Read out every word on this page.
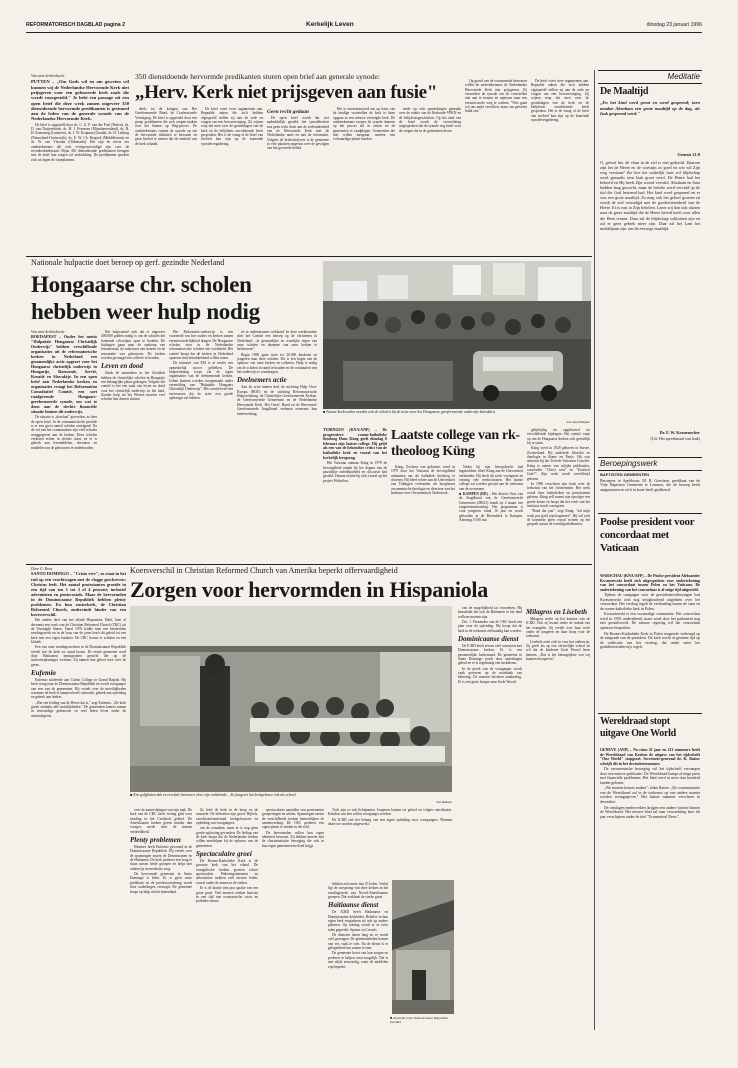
REFORMATORISCH DAGBLAD pagina 2	Kerkelijk Leven	dinsdag 23 januari 1996
Van onze kerkredactie

PUTTEN – „Om Gods wil en om geweten wil kunnen wij de Nederlandse Hervormde Kerk niet prijsgeven voor een gefuseerde kerk zoals die wordt voorgesteld." Je hebt een passage uit een open brief die deze week zamen ongeveer 350 dienstdoende hervormde predikanten is gestuurd aan de leden van de generale synode van de Nederlandse Hervormde Kerk.

De brief is opgesteld door ds. C. A. P. van der Poel (Putten), ds. D. van Duijvenbode, ds. H. J. Franssen (Mijnsheerenland), ds. B. H. Kamsteeg (Lunteren), ds. J. W. Kriptaan (Gouda), ds. H. Lietling (Nieuwland-Oosterwijk), ds. E. W. Ch. Ruigrok (Middelharnis) en ds. W. van Vlastuin (Oldemarkt). Het zijn de eerste zes ondertekenaars die zich vertegenwoordigd zijn voor de zevenkerkenberaad. Bijna 350 dienstdoende predikanten brengen met de brief hun zorgen tot uitdrukking. De predikanten spreken zich uit tegen de fusieplannen.

350 dienstdoende hervormde predikanten sturen open brief aan generale synode:
„Herv. Kerk niet prijsgeven aan fusie"

deels tot de kringen van Het Gereformeerde Bond, de Confessionele Vereniging. De brief is opgesteld door een groep predikanten die zich zorgen maken over het Samen op Weg-proces. De ondertekenaars roepen de synode op om de hervormde identiteit te bewaren en geen besluit te nemen dat de eenheid van de kerk schaadt.

De brief voert twee argumenten aan. Bepaalde zaken die zich hebben afgespeeld stellen zij aan de orde en vragen om een heroverweging. Zij wijzen erop dat men over de grondslagen van de kerk en de belijdenis onvoldoende heeft gesproken. Het is de vraag of de brief van invloed kan zijn op de komende synodevergadering.

Geen recht gedaan

De open brief wordt dat wel nadrukkelijk gesteld: het synodebesluit zou geen recht doen aan de verbondenheid van de Hervormde Kerk met de Nederlandse natie en met de reformatie. Volgens de briefschrijvers is de gemeente in vele plaatsen ongerust over de gevolgen van het gevoerde beleid.

Het is onverantwoord om op basis van de huidige voorstellen de kerk te laten opgaan in een nieuwe verenigde kerk. De ondertekenaars roepen de synode daarom op het proces stil te zetten en de gemeenten te raadplegen. Gemeenten die niet willen meegaan, moeten een volwaardige plaats houden.

mede op vele opmerkingen gemaakt over de relatie van de Kerkorde-VPKN en de belijdenisgeschriften. Op het eind van de brief wordt de verwachting uitgesproken dat de synode oog heeft voor de zorgen die in de gemeenten leven.

Op grond van de voornoemde bezwaren willen de ondertekenaars de Nederlandse Hervormde Kerk niet prijsgeven. Zij verzoeken de synode om de voorstellen niet aan te nemen en opnieuw naar een verantwoorde weg te zoeken. "Niet gaan wij ons ambt vervullen, maar ons geweten bindt ons."

De brief voert twee argumenten aan. Bepaalde zaken die zich hebben afgespeeld stellen zij aan de orde en vragen om een heroverweging. Zij wijzen erop dat men over de grondslagen van de kerk en de belijdenis onvoldoende heeft gesproken. Het is de vraag of de brief van invloed kan zijn op de komende synodevergadering.

Nationale hulpactie doet beroep op gerf. gezindte Nederland
Hongaarse chr. scholen hebben weer hulp nodig
Van onze kerkredactie

BOEDAPEST – Onder het motto "Hulpaktie Hongaarse Christelijk Onderwijs" hebben verschillende organisaties uit de reformatorische kerken in Nederland een gezamenlijke actie opgezet voor het Hongaarse christelijk onderwijs in Hongarije, Roemenië, Servië, Kroatië en Slowakije. In een open brief aan Nederlandse kerken en organisaties vraagt het Reformation Consultatief Comité, een sort raadgevende Hongaars-gereformeerde synode, om wat te doen aan de slechte financiële situatie binnen dit onderwijs.

De situatie is „desolaat" geworden, zo heet de open brief. In de communistische periode is er een groot aantal scholen onteigend. Na de val van het communisme zijn veel scholen teruggegeven aan de kerken. Deze scholen verkeren echter in slechte staat, en er is gebrek aan leermiddelen, docenten en middelen om de gebouwen te onderhouden.

Het hulpcomité stelt dat er ongeveer 400.000 gulden nodig is om de scholen het komende schooljaar open te houden. De bijdragen gaan naar de aankoop van lesmateriaal, de salarissen van leraren en de restauratie van gebouwen. De kerken worden gevraagd een collecte te houden.

Leven en dood

Sinds de ommekeer in het Oostblok hebben de christelijke scholen in Hongarije een belangrijke plaats gekregen. Volgens het comité is het een zaak van leven en dood voor het christelijk onderwijs in het land. Zonder hulp uit het Westen moeten veel scholen hun deuren sluiten.

Het Reformatie-onderwijs is een voorbeeld van hoe ouders en kerken samen verantwoordelijkheid dragen. De Hongaarse scholen zien in de Nederlandse reformatorische scholen een voorbeeld. Het comité hoopt dat de kerken in Nederland opnieuw hun betrokkenheid willen tonen.

De initiatief van EEI is al eerder een opmerkelijk succes gebleken. De hulpverlening loopt via de eigen organisaties van de deelnemende kerken. Giften kunnen worden overgemaakt onder vermelding van "Hulpaktie Hongaars Christelijk Onderwijs". Het comité heeft het vertrouwen dat de actie een goede opbrengst zal hebben.

tie te ondersteunen verklaard. In deze werkkomitee doet het Comité een beroep op de christenen in Nederland: „le gezamelijke en waarlijke regen van onze scholen en daarmee van onze kerken te herbouwen".

Begin 1996 gaan twee tot 20.000 kinderen en jongeren naar deze scholen. Dit is een begin van de opbouw van onze kerken en volkeren. Hulp is nodig om de scholen in stand te houden en de continuïteit van het onderwijs te waarborgen.

Deelnemers actie

Aan de actie nemen deel de stichting Hulp Oost-Europa (HOE) en de stichting Reformatorische Hulpverlening, de Christelijke Gereformeerde Kerken, de Gereformeerde Gemeenten en de Nederlandse Hervormde Kerk. Het Geref. Bond en de Hervormd-Gereformeerde Jeugdbond verlenen eveneens hun medewerking.	■ Nauwe kerkvoeden worden ook de scholen bij de actie voor het Hongaarse gereformeerde onderwijs betrokken.
foto Jacob Pleijsier

TÜBINGEN (KNA/ANP) – De progressieve rooms-katholieke theoloog Hans Küng geeft dinsdag 6 februari zijn laatste college. Hij geldt als een van de bekendste critici van de katholieke kerk en vooral van het kerkelijk leergezag.

Het Vaticaan ontnam Küng in 1979 de bevoegdheid omdat hij het dogma van de pauselijke onfeilbaarheid ter discussie had gesteld. Daarna richtte hij zich vooral op het project Weltethos.

Laatste college van rk-theoloog Küng

Küng, Zwitsers van geboorte, werd in 1979 door het Vaticaan de bevoegdheid ontnomen om als katholiek theoloog te doceren. Hij bleef echter aan de Universiteit van Tübingen verbonden als hoogleraar oecumenische theologie en directeur van het Instituut voor Oecumenisch Onderzoek.

Nadat hij zijn leeropdracht had ingetrokken, bleef Küng aan de Universiteit verbonden. Hij heeft dit werk voortgezet en ontving vele eredoctoraten. Het laatste college zal worden gewijd aan de toekomst van de oecumene.

■ KAMPEN (RD) – Het district Oost van de Jeugdbond van de Gereformeerde Gemeenten (JBGG) houdt op 2 maart een jongerenontmoeting. Het programma is voor jongeren vanaf 16 jaar en wordt gehouden in de Bovenkerk te Kampen. Aanvang 10.00 uur.

gelijktijdig en opgebouwd uit verschillende bijdragen. Het comité roept op om de Hongaarse kerken ook geestelijk bij te staan.

Küng werd in 1928 geboren in Sursee, Zwitserland. Hij studeerde filosofie en theologie in Rome en Parijs. Hij was adviseur bij het Tweede Vaticaans Concilie. Küng is auteur van talrijke publicaties, waaronder "Christ sein" en "Existiert Gott?". Zijn werk wordt wereldwijd gelezen.

In 1996 verscheen zijn boek over de toekomst van het christendom. Het werk wordt door katholieken en protestanten gelezen. Küng zelf noemt zijn opvolger een goede keuze en hoopt dat het werk van het instituut wordt voortgezet.

"Rond dat jaar", zegt Küng, "zal mijn werk pas goed zijn begonnen". Hij wil zich de komende jaren vooral richten op het gesprek tussen de wereldgodsdiensten.

Meditatie
De Maaltijd
„En het kind werd groot en werd gespeend; toen maakte Abraham een grote maaltijd op de dag, als Izak gespeend werd."
Genesis 21:8
O, geloof het, de vlam in de ziel is niet gedoofd. Daarom zijn het de Heere en de woestijn zo goed en wie wil Zijn weg verstaan? Zie hoe het ouderlijk huis vol blijdschap werd gemaakt toen Izak groot werd. De Heere had het beloofd en Hij heeft Zijn woord vervuld. Abraham en Sara hadden lang gewacht, maar de belofte werd vervuld op de tijd die God bestemd had. Het kind werd gespeend en er was een grote maaltijd. Zo mag ook het geloof groeien en wordt de ziel verzadigd met de goedertierenheid van de Heere. Er is rust in Zijn beloften. Laten wij dan ook uitzien naar de grote maaltijd die de Heere bereid heeft voor allen die Hem vrezen. Daar zal de blijdschap volkomen zijn en zal er geen gebrek meer zijn. Daar zal het Lam het middelpunt zijn van de eeuwige maaltijd.
Dr. F. W. Kranenocher
(Uit: Het spreekmaal van Izak)
Beroepingswerk
BAPTISTEN GEMEENTEN
Beroepen: te Apeldoorn, M. B. Gerritsen, predikant van de Vrije Baptisten Gemeente te Lemmer, die de beroep heeft aangenomen en zich in korte heeft geafkeerd.
Poolse president voor concordaat met Vaticaan

WARSCHAU (KNA/AFP) – De Poolse president Aleksander Kwasniewski heeft zich uitgesproken voor ondertekening van het concordaat tussen Polen en het Vaticaan. De ondertekening van het concordaat is al enige tijd uitgesteld.

Tijdens de campagne voor de presidentsverkiezingen had Kwasniewski zich nog terughoudend uitgelaten over het concordaat. Het verdrag regelt de verhouding tussen de staat en de rooms-katholieke kerk in Polen.

Kwasniewski is een voormalige communist. Het concordaat werd in 1993 ondertekend, maar werd door het parlement nog niet geratificeerd. De nieuwe regering wil het concordaat opnieuw bespreken.

De Rooms-Katholieke Kerk in Polen reageerde verheugd op de uitspraak van de president. De kerk wacht al geruime tijd op de ratificatie van het verdrag, dat onder meer het godsdienstonderwijs regelt.

Wereldraad stopt uitgave One World

GENEVE (ANP) – Na ruim 21 jaar en 211 nummers heeft de Wereldraad van Kerken de uitgave van het tijdschrift "One World" stopgezet. Secretaris-generaal dr. K. Raiser schrijft dit in het decembernummer.

De oecumenische beweging wil het tijdschrift vervangen door een nieuwe publicatie. De Wereldraad kampt al enige jaren met financiële problemen. Het blad werd in meer dan honderd landen gelezen.

„We moeten keuzes maken", aldus Raiser. „De communicatie van de Wereldraad zal in de toekomst op een andere manier worden vormgegeven." Het laatste nummer verscheen in december.

De ontslagen medewerkers krijgen een andere functie binnen de Wereldraad. Het nieuwe blad zal naar verwachting later dit jaar verschijnen onder de titel "Ecumenical News".

Koersverschil in Christian Reformed Church van Amerika beperkt offervaardigheid
Zorgen voor hervormden in Hispaniola
Door G. Roos

SANTO DOMINGO – "Cristo vive", zo staat in het ruil op een vrachtwagen met de vlagge geschreven: Christus leeft. Het aantal protestanten groeide in een tijd van ten 1 tot 3 of 4 procent; inclusief adventisten en pentecostals. Maar de hervormden in de Dominicaanse Republiek hebben plenty problemen. En hun zusterkerk, de Christian Reformed Church, ondervindt hinder van een koersverschil.

Het andere deel van het eiland Hispaniola, Haïti, kent al decennia een werk van de Christian Reformed Church (CRC) uit de Verenigde Staten. Vanaf 1976 leidde men een bescheiden zendingswerk en in de loop van de jaren heeft dit geleid tot een kerk met een eigen karakter. De CRC bouwt er scholen en een kliniek.

Een van onze zendingswerkers in de Dominicaanse Republiek vertelt hoe de kerk tot stand kwam. De eerste gemeente werd door Haïtiaanse immigranten gesticht die op de suikerrietplantages werkten. Zij namen hun geloof mee over de grens.

Eufemio

Eufemio studeerde aan Calvin College in Grand Rapids. Hij keert terug naar de Dominicaanse Republiek en wordt voorganger van een van de gemeenten. Hij vertelt over de moeilijkheden waarmee de kerk te kampen heeft: armoede, gebrek aan opleiding en gebrek aan leiders.

„Wat een leiding van de Heere dat is," zegt Eufemio. „De kerk groeit ondanks alle moeilijkheden." De gemeenten komen samen in eenvoudige gebouwen en veel leden leven onder de armoedegrens.

■ Een golfplaten dak en een kale betonnen vloer zijn voldoende... Zo fungeert het kerkgebouw ook als school.
foto Makram

over de aanvechtingen van zijn taak. De kerk van de CRC heeft weinig geld voor zending in het Caribisch gebied. De Amerikaanse kerken geven minder dan vroeger, mede door de interne verdeeldheid.

Plenty problemen

Hiermee heeft Eufemio gewoond in de Dominicaanse Republiek. Hij vertelt over de spanningen tussen de Dominicanen en de Haïtianen. De kerk probeert een brug te slaan tussen beide groepen en helpt met onderwijs en medische zorg.

De hervormde gemeente in Santo Domingo is klein. Er is geen vaste predikant en de preekvoorziening wordt door ouderlingen verzorgd. De gemeente hoopt op hulp uit het buitenland.

Zo leeft de kerk in de hoop en de armoede. De behoeften zijn groot: Bijbels, catechisatiemateriaal, kerkgebouwen en opleiding van voorgangers.

om de oorzaken, maar er is nog geen goede oplossing gevonden. De leiding van de kerk hoopt dat de Nederlandse kerken willen meehelpen bij de opbouw van de gemeenten.

Spectaculaire groei

De Rooms-Katholieke Kerk is de grootste kerk van het eiland. De evangelische kerken groeien echter spectaculair. Pinkstergemeenten en adventisten trekken veel nieuwe leden, vooral onder de armen in de steden.

Er is de laatste tien jaar sprake van een grote groei. Veel mensen zoeken houvast in een tijd van economische crisis en politieke onrust.

spectaculaire aantallen van protestantse groeperingen en sekten. Spanningen tussen de verschillende kerken bemoeilijken de samenwerking. De CRC probeert een eigen plaats te vinden in dit veld.

De hervormden willen hun eigen identiteit bewaren. Zij hebben moeite met de charismatische beweging die ook in hun eigen gemeenten invloed krijgt.

Toch zijn er ook lichtpunten. Jongeren komen tot geloof en volgen catechisatie. Enkelen van hen willen voorganger worden.

De ICRD ziet het belang van een eigen opleiding voor voorgangers. Plannen daarvoor worden uitgewerkt.

■ Armoede in de Dominicaanse Republiek. foto RD

hebben zich meer dan 25 leden. Veelal ligt de oorsprong van deze kerken in het zendingswerk van Noord-Amerikaanse groepen. Dat verklaart de sterke groei.

Haïtiaanse dienst

De ICRD heeft Haïtiaanse en Dominicaanse kerkleden. Behalve in hun eigen kerk vergaderen zij ook op andere plaatsen. Op zondag wordt er in twee talen gepreekt: Spaans en Creools.

De diensten duren lang en er wordt veel gezongen. De gemeenteleden komen van ver, vaak te voet. Na de dienst is er gelegenheid om samen te eten.

De gemeente hoort van hun zorgen en probeert te helpen waar mogelijk. Dat is niet altijd eenvoudig, want de middelen zijn beperkt.

van de mogelijkheid tot voorzetten. Hij benadrukt dat ook de Haïtianen in het land welkom moeten zijn.

Drs. J. Fernandez van de CRC heeft een plan voor de opleiding. Hij hoopt dat de kerk in de toekomst zelfstandig kan worden.

Dominicaanse dienst

De ICRD heeft tevens veel contacten met Dominicaanse kerken. Er is een gezamenlijke kerkenraad. De gemeente in Santo Domingo wordt door ouderlingen geleid en er is regelmatig een kerkdienst.

In de preek van de voorganger wordt vaak gewezen op de noodzaak van bekering. De mensen luisteren aandachtig. Er is een grote honger naar Gods Woord.

Milagros en Lisebeth

Milagros werkt op het kantoor van de ICRD. Ook zij kwam onder de indruk van het evangelie. Zij vertelt over haar werk onder de jongeren en haar hoop voor de toekomst.

Lisebeth zette zich in voor het onderwijs. Zij geeft les op een christelijke school en wil dat de kinderen Gods Woord leren kennen. „Dat is het belangrijkste wat wij kunnen doorgeven."
